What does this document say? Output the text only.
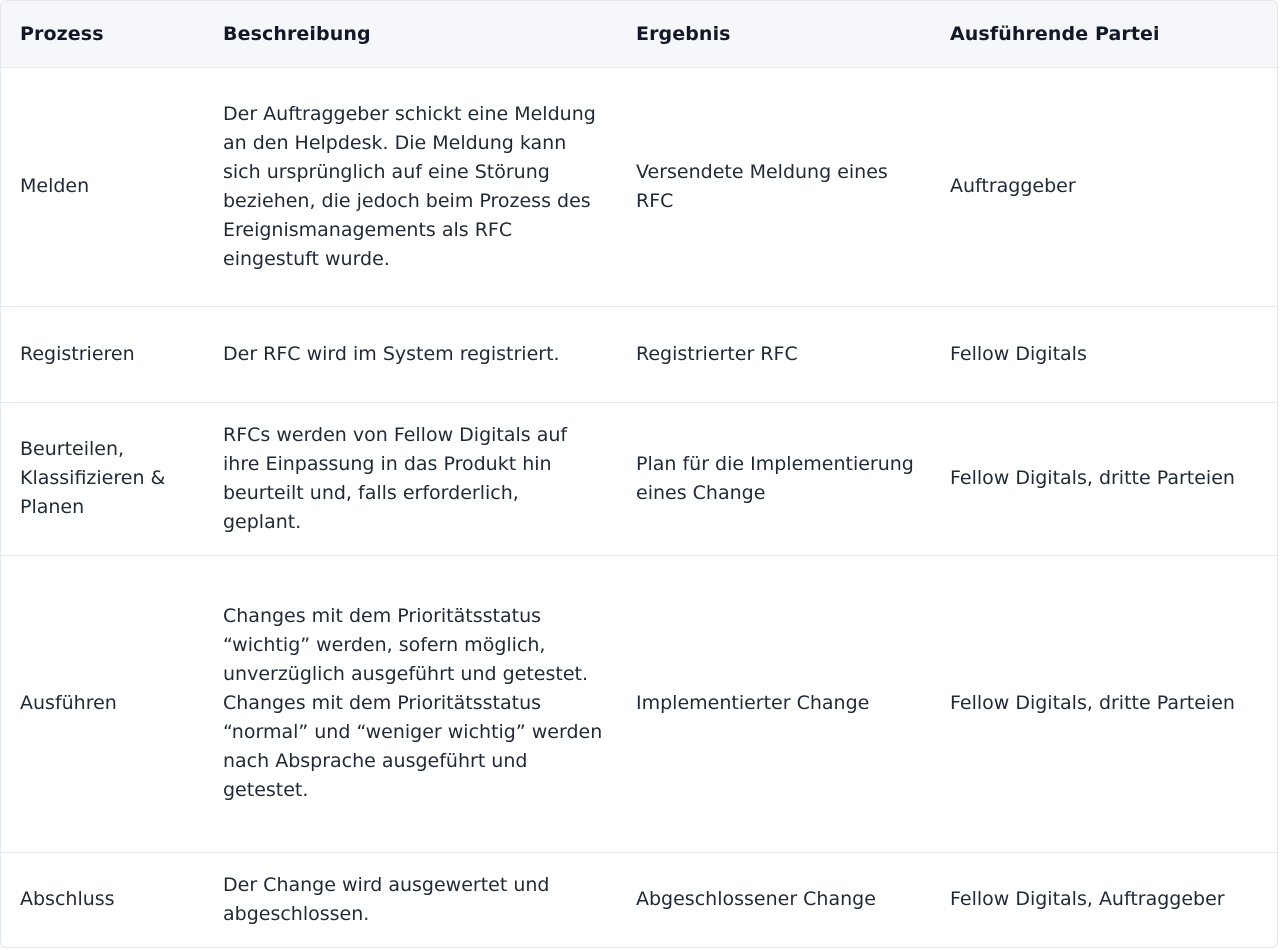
Prozess	Beschreibung	Ergebnis	Ausführende Partei
Melden	Der Auftraggeber schickt eine Meldung an den Helpdesk. Die Meldung kann sich ursprünglich auf eine Störung beziehen, die jedoch beim Prozess des Ereignismanagements als RFC eingestuft wurde.	Versendete Meldung eines RFC	Auftraggeber
Registrieren	Der RFC wird im System registriert.	Registrierter RFC	Fellow Digitals
Beurteilen, Klassifizieren & Planen	RFCs werden von Fellow Digitals auf ihre Einpassung in das Produkt hin beurteilt und, falls erforderlich, geplant.	Plan für die Implementierung eines Change	Fellow Digitals, dritte Parteien
Ausführen	Changes mit dem Prioritätsstatus “wichtig” werden, sofern möglich, unverzüglich ausgeführt und getestet. Changes mit dem Prioritätsstatus “normal” und “weniger wichtig” werden nach Absprache ausgeführt und getestet.	Implementierter Change	Fellow Digitals, dritte Parteien
Abschluss	Der Change wird ausgewertet und abgeschlossen.	Abgeschlossener Change	Fellow Digitals, Auftraggeber
